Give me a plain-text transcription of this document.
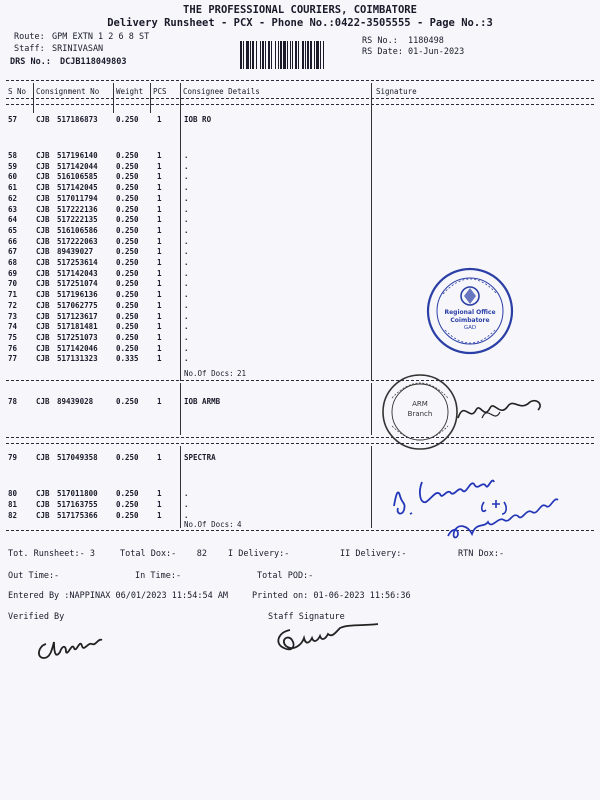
THE PROFESSIONAL COURIERS, COIMBATORE
Delivery Runsheet - PCX - Phone No.:0422-3505555 - Page No.:3
Route: GPM EXTN 1 2 6 8 ST
Staff: SRINIVASAN
DRS No.: DCJB118049803

RS No.: 1180498
RS Date: 01-Jun-2023
S No Consignment No Weight PCS Consignee Details	Signature
57	CJB 517186873 0.250 1	IOB RO
58	CJB 517196140 0.250 1	.
59	CJB 517142044 0.250 1	.
60	CJB 516106585 0.250 1	.
61	CJB 517142045 0.250 1	.
62	CJB 517011794 0.250 1	.
63	CJB 517222136 0.250 1	.
64	CJB 517222135 0.250 1	.
65	CJB 516106586 0.250 1	.
66	CJB 517222063 0.250 1	.
67	CJB 89439027	0.250 1	.
68	CJB 517253614 0.250 1	.
69	CJB 517142043 0.250 1	.
70	CJB 517251074 0.250 1	.
71	CJB 517196136 0.250 1	.
72	CJB 517062775 0.250 1	.
73	CJB 517123617 0.250 1	.
74	CJB 517181481 0.250 1	.
75	CJB 517251073 0.250 1	.
76	CJB 517142046 0.250 1	.
77	CJB 517131323 0.335 1	.
No.Of Docs: 21
78	CJB 89439028	0.250 1	IOB ARMB
79	CJB 517049358 0.250 1	SPECTRA
80	CJB 517011800 0.250 1	.
81	CJB 517163755 0.250 1	.
82	CJB 517175366 0.250 1	.
No.Of Docs: 4
Tot. Runsheet:- 3	Total Dox:-    82 I Delivery:-	II Delivery:-	RTN Dox:-
Out Time:-	In Time:-	Total POD:-
Entered By :NAPPINAX 06/01/2023 11:54:54 AM	Printed on: 01-06-2023 11:56:36
Verified By	Staff Signature

Regional Office
Coimbatore
GAD

ARM
Branch
